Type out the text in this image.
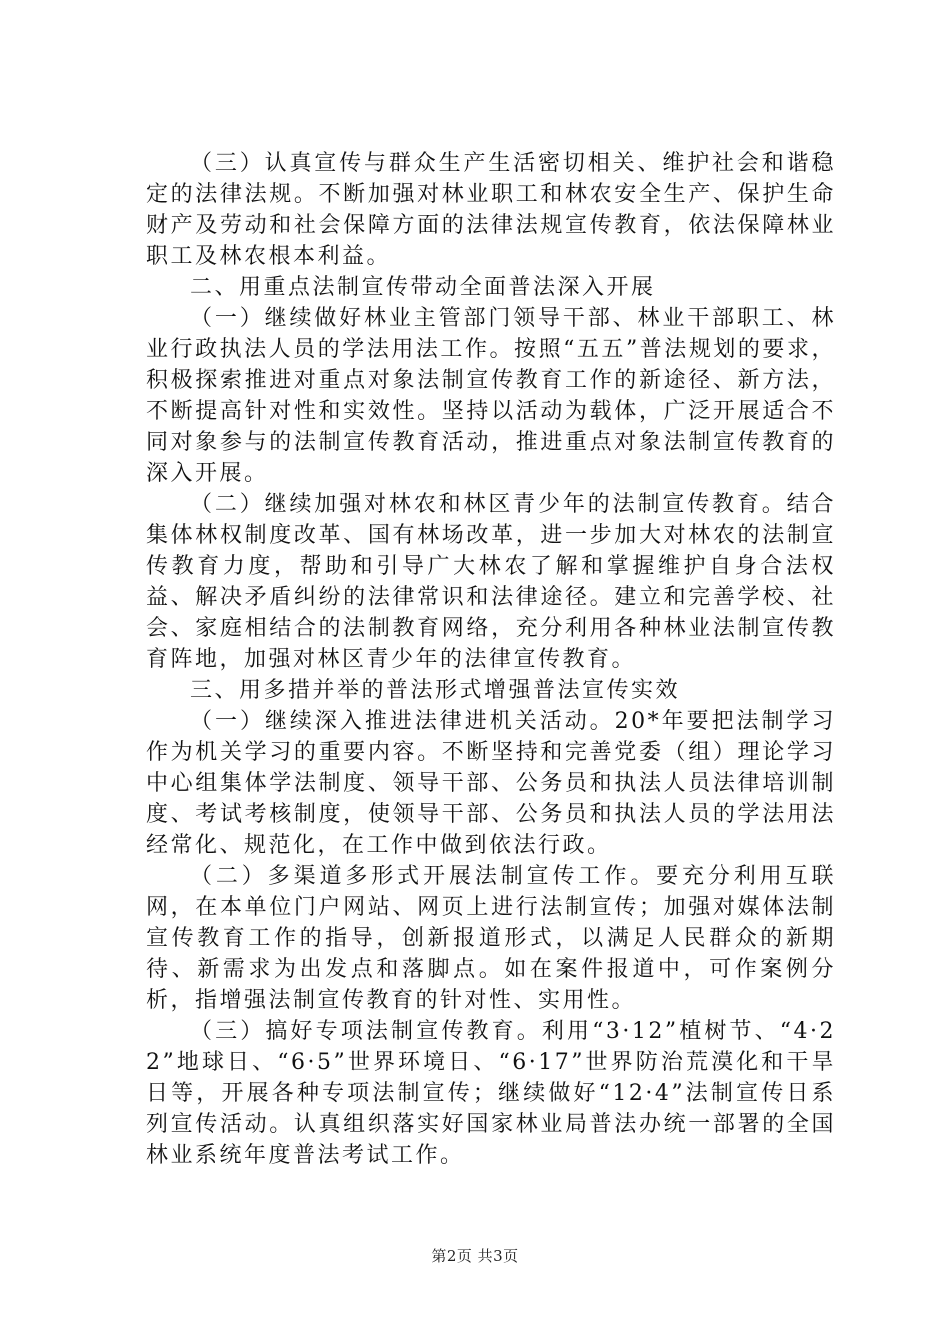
（三）认真宣传与群众生产生活密切相关、维护社会和谐稳定的法律法规。不断加强对林业职工和林农安全生产、保护生命财产及劳动和社会保障方面的法律法规宣传教育，依法保障林业职工及林农根本利益。

二、用重点法制宣传带动全面普法深入开展

（一）继续做好林业主管部门领导干部、林业干部职工、林业行政执法人员的学法用法工作。按照“五五”普法规划的要求，积极探索推进对重点对象法制宣传教育工作的新途径、新方法，不断提高针对性和实效性。坚持以活动为载体，广泛开展适合不同对象参与的法制宣传教育活动，推进重点对象法制宣传教育的深入开展。

（二）继续加强对林农和林区青少年的法制宣传教育。结合集体林权制度改革、国有林场改革，进一步加大对林农的法制宣传教育力度，帮助和引导广大林农了解和掌握维护自身合法权益、解决矛盾纠纷的法律常识和法律途径。建立和完善学校、社会、家庭相结合的法制教育网络，充分利用各种林业法制宣传教育阵地，加强对林区青少年的法律宣传教育。

三、用多措并举的普法形式增强普法宣传实效

（一）继续深入推进法律进机关活动。20*年要把法制学习作为机关学习的重要内容。不断坚持和完善党委（组）理论学习中心组集体学法制度、领导干部、公务员和执法人员法律培训制度、考试考核制度，使领导干部、公务员和执法人员的学法用法经常化、规范化，在工作中做到依法行政。

（二）多渠道多形式开展法制宣传工作。要充分利用互联网，在本单位门户网站、网页上进行法制宣传；加强对媒体法制宣传教育工作的指导，创新报道形式，以满足人民群众的新期待、新需求为出发点和落脚点。如在案件报道中，可作案例分析，指增强法制宣传教育的针对性、实用性。

（三）搞好专项法制宣传教育。利用“3·12”植树节、“4·22”地球日、“6·5”世界环境日、“6·17”世界防治荒漠化和干旱日等，开展各种专项法制宣传；继续做好“12·4”法制宣传日系列宣传活动。认真组织落实好国家林业局普法办统一部署的全国林业系统年度普法考试工作。

第2页 共3页
